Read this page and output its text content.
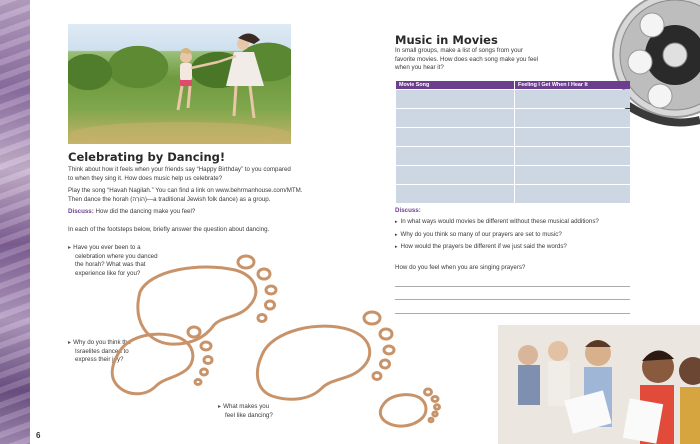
Celebrating by Dancing!
Think about how it feels when your friends say “Happy Birthday” to you compared to when they sing it. How does music help us celebrate?
Play the song “Havah Nagilah.” You can find a link on www.behrmanhouse.com/MTM.
Then dance the horah (הוֹרָה‎)—a traditional Jewish folk dance) as a group.
Discuss: How did the dancing make you feel?
In each of the footsteps below, briefly answer the question about dancing.
▸ Have you ever been to a
celebration where you danced
the horah? What was that
experience like for you?
▸ Why do you think the
Israelites danced to
express their joy?
▸ What makes you
feel like dancing?
6
Music in Movies
In small groups, make a list of songs from your
favorite movies. How does each song make you feel
when you hear it?
Movie Song	Feeling I Get When I Hear It

Discuss:
▸ In what ways would movies be different without these musical additions?
▸ Why do you think so many of our prayers are set to music?
▸ How would the prayers be different if we just said the words?
How do you feel when you are singing prayers?
